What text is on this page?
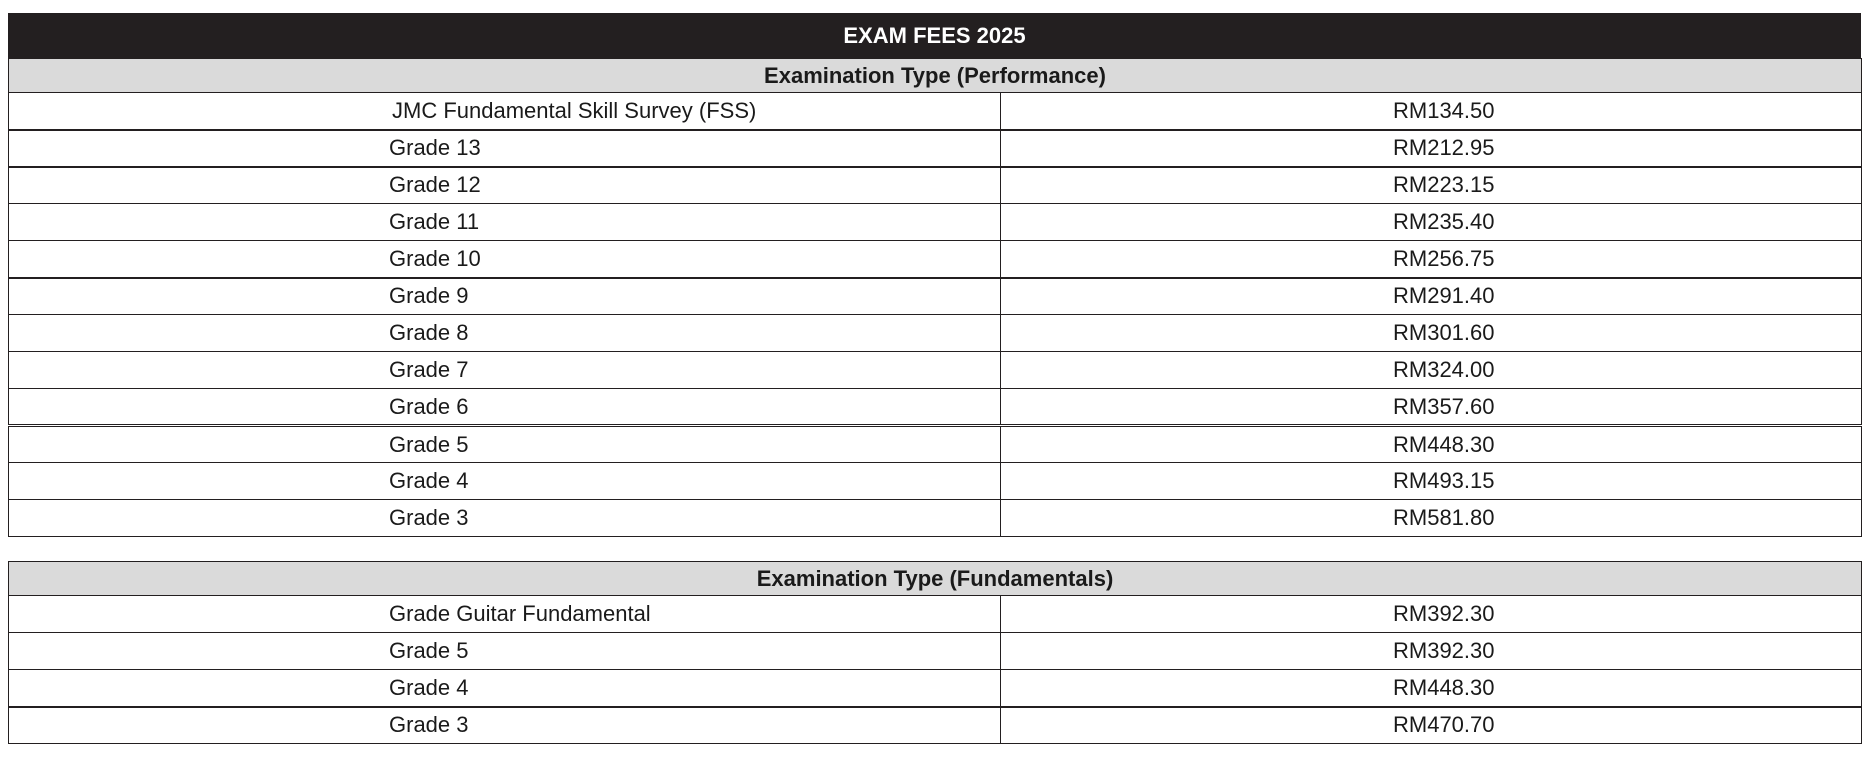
EXAM FEES 2025
Examination Type (Performance)	
JMC Fundamental Skill Survey (FSS)	RM134.50
Grade 13	RM212.95
Grade 12	RM223.15
Grade 11	RM235.40
Grade 10	RM256.75
Grade 9	RM291.40
Grade 8	RM301.60
Grade 7	RM324.00
Grade 6	RM357.60
Grade 5	RM448.30
Grade 4	RM493.15
Grade 3	RM581.80
Examination Type (Fundamentals)	
Grade Guitar Fundamental	RM392.30
Grade 5	RM392.30
Grade 4	RM448.30
Grade 3	RM470.70
